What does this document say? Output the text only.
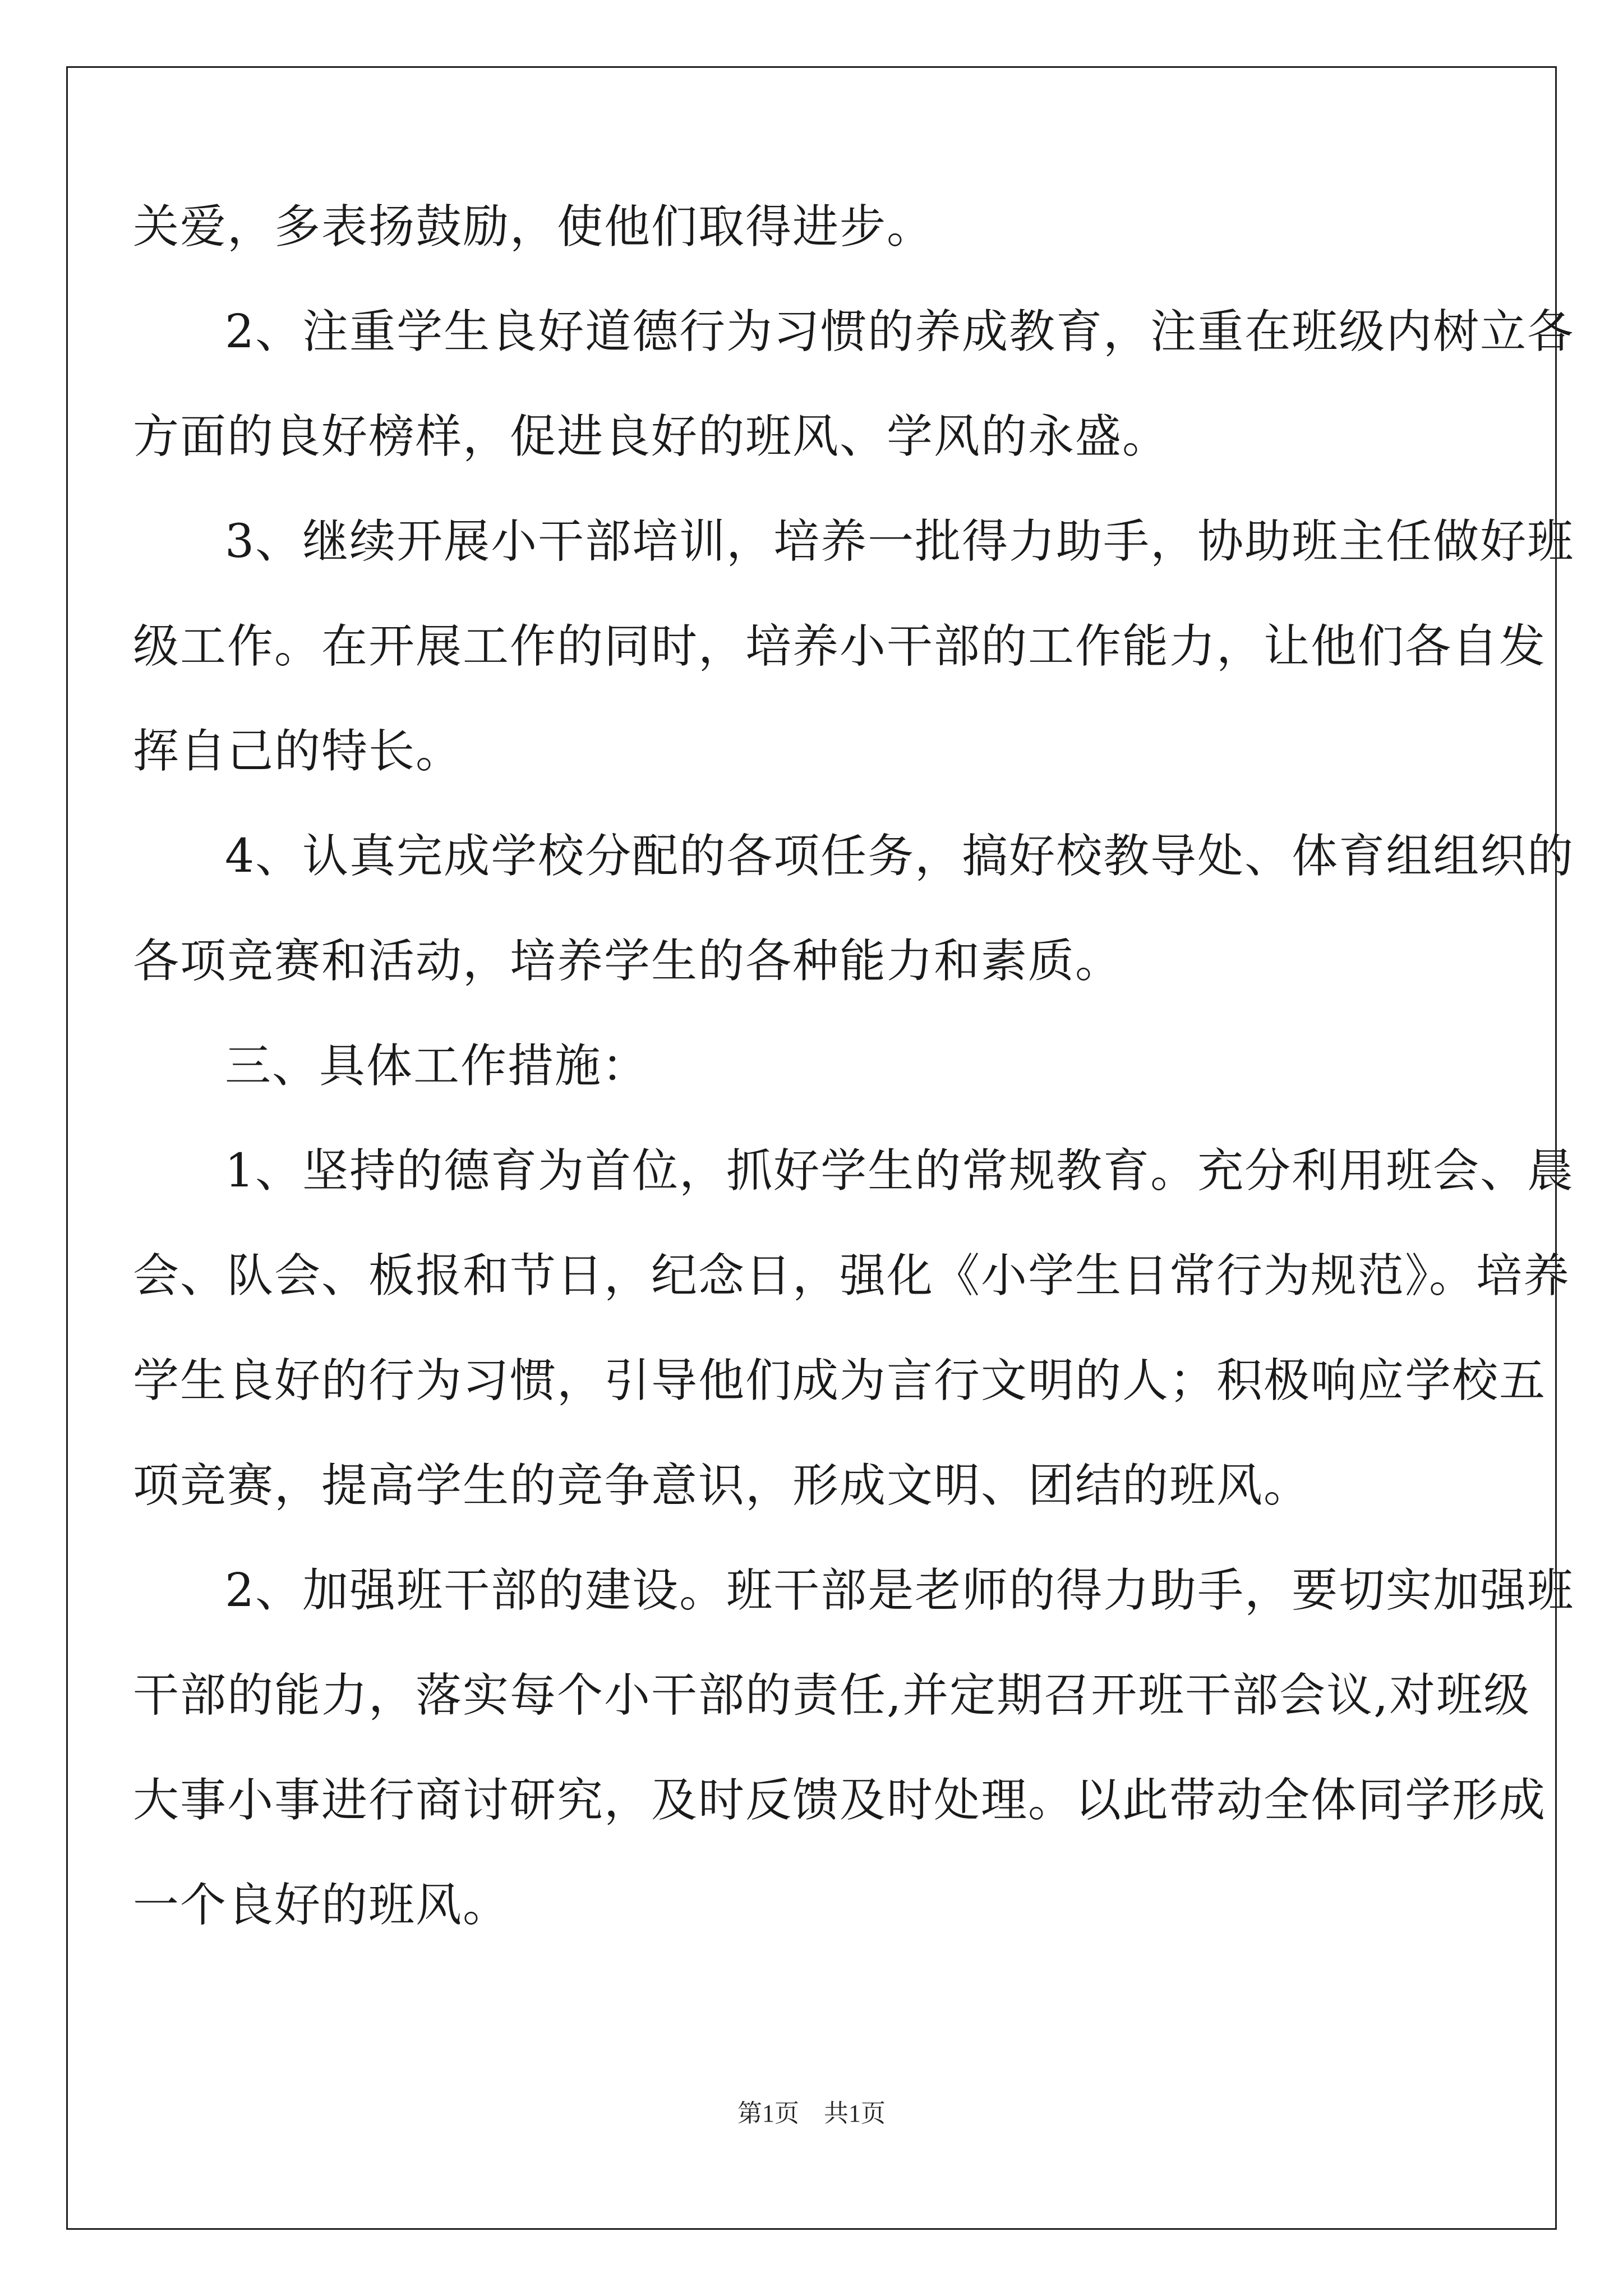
关爱，多表扬鼓励，使他们取得进步。
2、注重学生良好道德行为习惯的养成教育，注重在班级内树立各
方面的良好榜样，促进良好的班风、学风的永盛。
3、继续开展小干部培训，培养一批得力助手，协助班主任做好班
级工作。在开展工作的同时，培养小干部的工作能力，让他们各自发
挥自己的特长。
4、认真完成学校分配的各项任务，搞好校教导处、体育组组织的
各项竞赛和活动，培养学生的各种能力和素质。
三、具体工作措施：
1、坚持的德育为首位，抓好学生的常规教育。充分利用班会、晨
会、队会、板报和节日，纪念日，强化《小学生日常行为规范》。培养
学生良好的行为习惯，引导他们成为言行文明的人；积极响应学校五
项竞赛，提高学生的竞争意识，形成文明、团结的班风。
2、加强班干部的建设。班干部是老师的得力助手，要切实加强班
干部的能力，落实每个小干部的责任,并定期召开班干部会议,对班级
大事小事进行商讨研究，及时反馈及时处理。以此带动全体同学形成
一个良好的班风。
第1页　共1页
